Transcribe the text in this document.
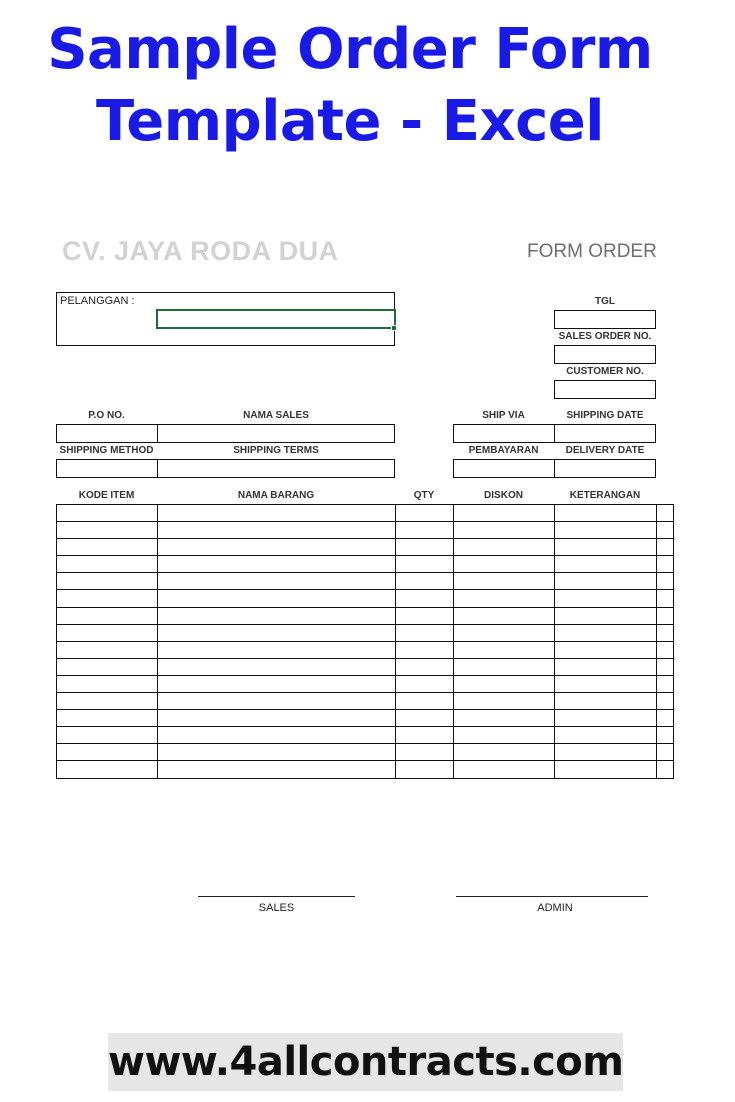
Sample Order Form
Template - Excel
CV. JAYA RODA DUA	FORM ORDER
PELANGGAN :	TGL
SALES ORDER NO.
CUSTOMER NO.
P.O NO.	NAMA SALES	SHIP VIA	SHIPPING DATE
SHIPPING METHOD	SHIPPING TERMS	PEMBAYARAN	DELIVERY DATE
KODE ITEM	NAMA BARANG	QTY	DISKON	KETERANGAN

SALES	ADMIN
www.4allcontracts.com
